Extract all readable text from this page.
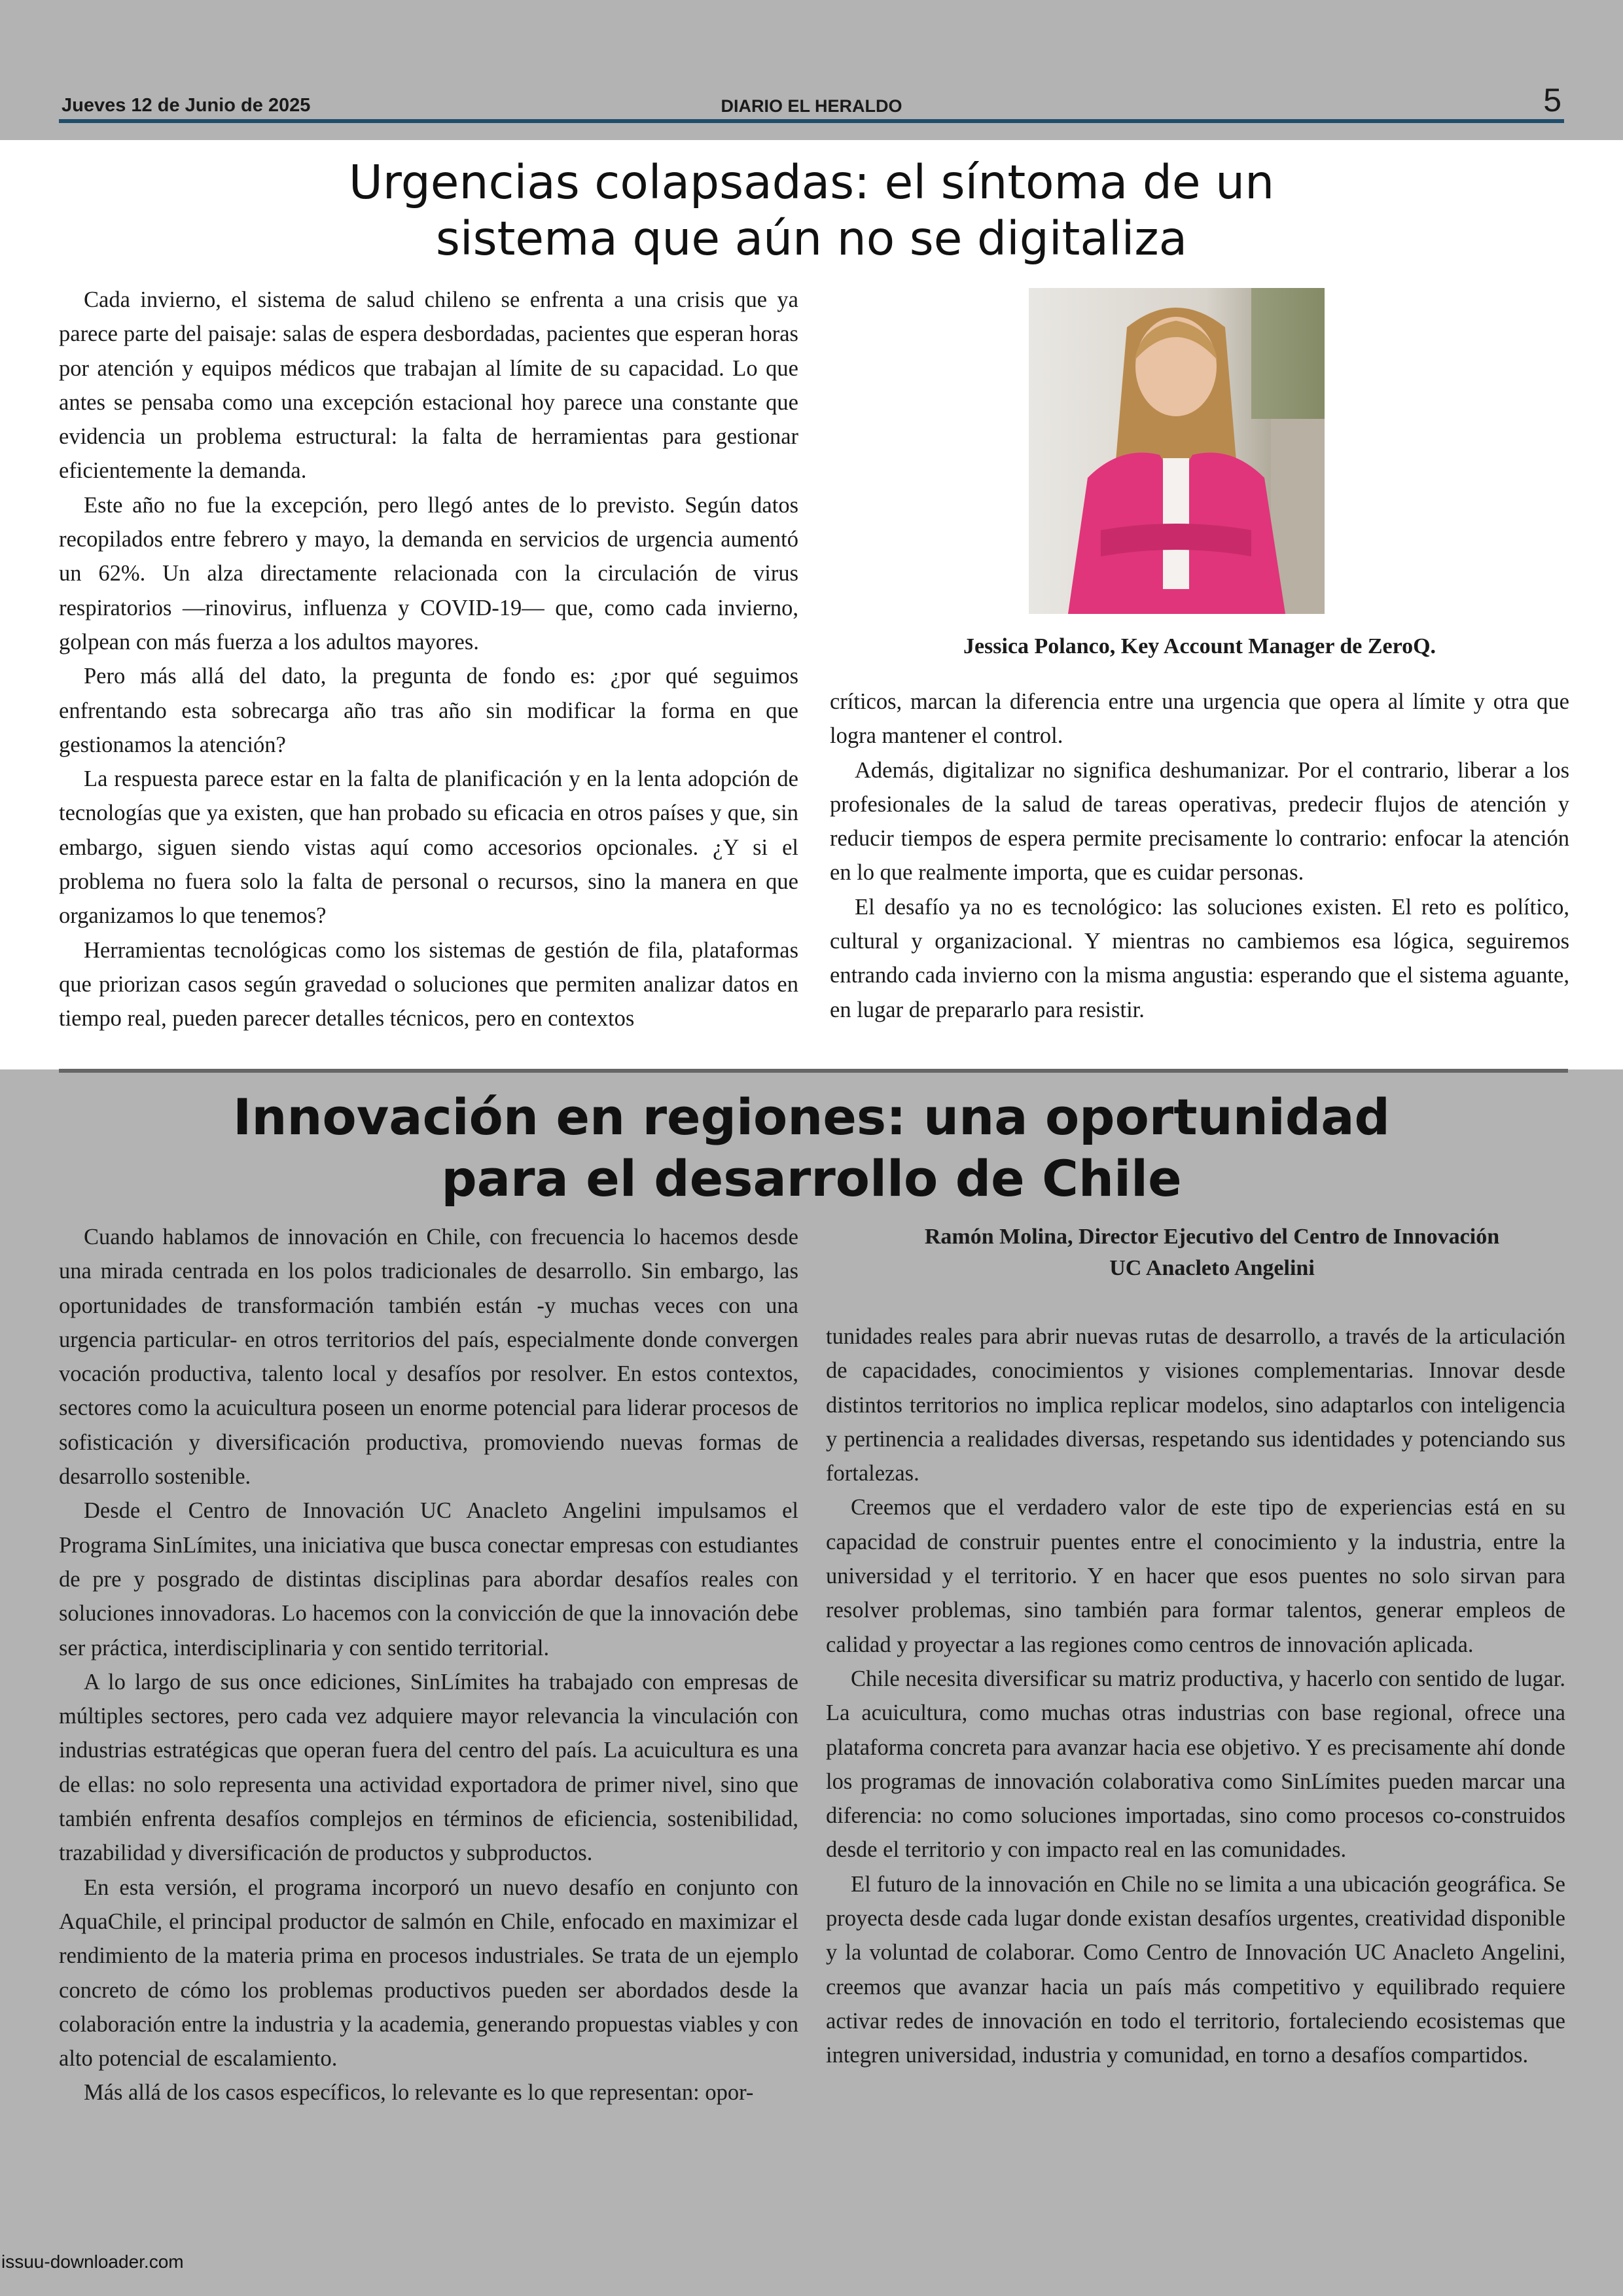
Jueves 12 de Junio de 2025	DIARIO EL HERALDO	5
Urgencias colapsadas: el síntoma de un
sistema que aún no se digitaliza

Cada invierno, el sistema de salud chileno se enfrenta a una crisis que ya parece parte del paisaje: salas de espera desbordadas, pacientes que esperan horas por atención y equipos médicos que trabajan al límite de su capacidad. Lo que antes se pensaba como una excepción estacional hoy parece una constante que evidencia un problema estructural: la falta de herramientas para gestionar eficientemente la demanda.

Este año no fue la excepción, pero llegó antes de lo previsto. Según datos recopilados entre febrero y mayo, la demanda en servicios de urgencia aumentó un 62%. Un alza directamente relacionada con la circulación de virus respiratorios —rinovirus, influenza y COVID-19— que, como cada invierno, golpean con más fuerza a los adultos mayores.

Pero más allá del dato, la pregunta de fondo es: ¿por qué seguimos enfrentando esta sobrecarga año tras año sin modificar la forma en que gestionamos la atención?

La respuesta parece estar en la falta de planificación y en la lenta adopción de tecnologías que ya existen, que han probado su eficacia en otros países y que, sin embargo, siguen siendo vistas aquí como accesorios opcionales. ¿Y si el problema no fuera solo la falta de personal o recursos, sino la manera en que organizamos lo que tenemos?

Herramientas tecnológicas como los sistemas de gestión de fila, plataformas que priorizan casos según gravedad o soluciones que permiten analizar datos en tiempo real, pueden parecer detalles técnicos, pero en contextos

Jessica Polanco, Key Account Manager de ZeroQ.

críticos, marcan la diferencia entre una urgencia que opera al límite y otra que logra mantener el control.

Además, digitalizar no significa deshumanizar. Por el contrario, liberar a los profesionales de la salud de tareas operativas, predecir flujos de atención y reducir tiempos de espera permite precisamente lo contrario: enfocar la atención en lo que realmente importa, que es cuidar personas.

El desafío ya no es tecnológico: las soluciones existen. El reto es político, cultural y organizacional. Y mientras no cambiemos esa lógica, seguiremos entrando cada invierno con la misma angustia: esperando que el sistema aguante, en lugar de prepararlo para resistir.

Innovación en regiones: una oportunidad
para el desarrollo de Chile

Cuando hablamos de innovación en Chile, con frecuencia lo hacemos desde una mirada centrada en los polos tradicionales de desarrollo. Sin embargo, las oportunidades de transformación también están -y muchas veces con una urgencia particular- en otros territorios del país, especialmente donde convergen vocación productiva, talento local y desafíos por resolver. En estos contextos, sectores como la acuicultura poseen un enorme potencial para liderar procesos de sofisticación y diversificación productiva, promoviendo nuevas formas de desarrollo sostenible.

Desde el Centro de Innovación UC Anacleto Angelini impulsamos el Programa SinLímites, una iniciativa que busca conectar empresas con estudiantes de pre y posgrado de distintas disciplinas para abordar desafíos reales con soluciones innovadoras. Lo hacemos con la convicción de que la innovación debe ser práctica, interdisciplinaria y con sentido territorial.

A lo largo de sus once ediciones, SinLímites ha trabajado con empresas de múltiples sectores, pero cada vez adquiere mayor relevancia la vinculación con industrias estratégicas que operan fuera del centro del país. La acuicultura es una de ellas: no solo representa una actividad exportadora de primer nivel, sino que también enfrenta desafíos complejos en términos de eficiencia, sostenibilidad, trazabilidad y diversificación de productos y subproductos.

En esta versión, el programa incorporó un nuevo desafío en conjunto con AquaChile, el principal productor de salmón en Chile, enfocado en maximizar el rendimiento de la materia prima en procesos industriales. Se trata de un ejemplo concreto de cómo los problemas productivos pueden ser abordados desde la colaboración entre la industria y la academia, generando propuestas viables y con alto potencial de escalamiento.

Más allá de los casos específicos, lo relevante es lo que representan: opor-

Ramón Molina, Director Ejecutivo del Centro de Innovación
UC Anacleto Angelini

tunidades reales para abrir nuevas rutas de desarrollo, a través de la articulación de capacidades, conocimientos y visiones complementarias. Innovar desde distintos territorios no implica replicar modelos, sino adaptarlos con inteligencia y pertinencia a realidades diversas, respetando sus identidades y potenciando sus fortalezas.

Creemos que el verdadero valor de este tipo de experiencias está en su capacidad de construir puentes entre el conocimiento y la industria, entre la universidad y el territorio. Y en hacer que esos puentes no solo sirvan para resolver problemas, sino también para formar talentos, generar empleos de calidad y proyectar a las regiones como centros de innovación aplicada.

Chile necesita diversificar su matriz productiva, y hacerlo con sentido de lugar. La acuicultura, como muchas otras industrias con base regional, ofrece una plataforma concreta para avanzar hacia ese objetivo. Y es precisamente ahí donde los programas de innovación colaborativa como SinLímites pueden marcar una diferencia: no como soluciones importadas, sino como procesos co-construidos desde el territorio y con impacto real en las comunidades.

El futuro de la innovación en Chile no se limita a una ubicación geográfica. Se proyecta desde cada lugar donde existan desafíos urgentes, creatividad disponible y la voluntad de colaborar. Como Centro de Innovación UC Anacleto Angelini, creemos que avanzar hacia un país más competitivo y equilibrado requiere activar redes de innovación en todo el territorio, fortaleciendo ecosistemas que integren universidad, industria y comunidad, en torno a desafíos compartidos.

issuu-downloader.com
